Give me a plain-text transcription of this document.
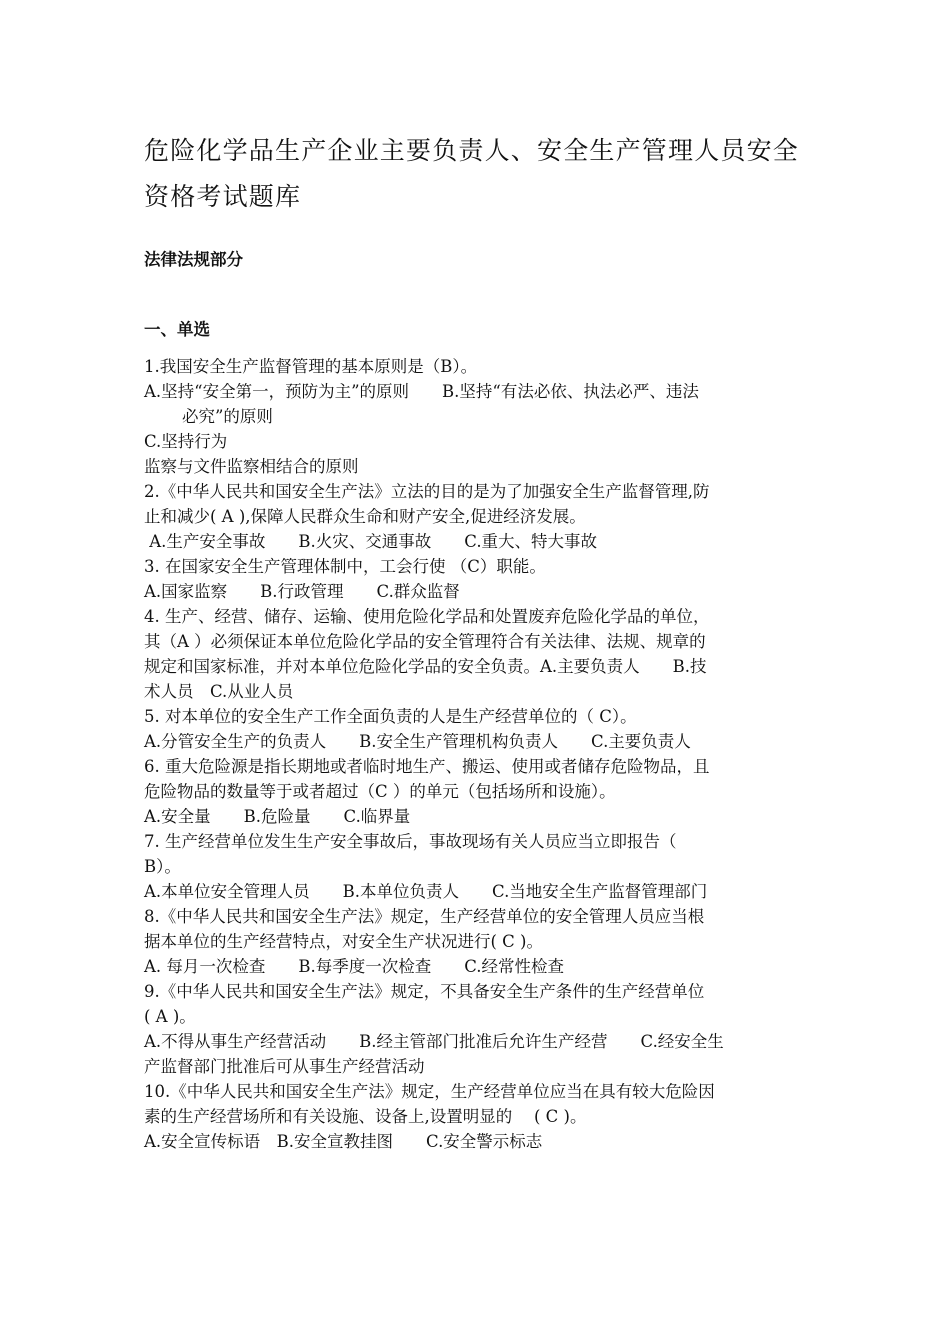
危险化学品生产企业主要负责人、安全生产管理人员安全

资格考试题库

法律法规部分

一、单选

1.我国安全生产监督管理的基本原则是（B）。

A.坚持“安全第一，预防为主”的原则　　B.坚持“有法必依、执法必严、违法

必究”的原则

C.坚持行为

监察与文件监察相结合的原则

2.《中华人民共和国安全生产法》立法的目的是为了加强安全生产监督管理,防

止和减少( A ),保障人民群众生命和财产安全,促进经济发展。

A.生产安全事故　　B.火灾、交通事故　　C.重大、特大事故

3. 在国家安全生产管理体制中，工会行使 （C）职能。

A.国家监察　　B.行政管理　　C.群众监督

4. 生产、经营、储存、运输、使用危险化学品和处置废弃危险化学品的单位，

其（A ）必须保证本单位危险化学品的安全管理符合有关法律、法规、规章的

规定和国家标准，并对本单位危险化学品的安全负责。A.主要负责人　　B.技

术人员　C.从业人员

5. 对本单位的安全生产工作全面负责的人是生产经营单位的（ C）。

A.分管安全生产的负责人　　B.安全生产管理机构负责人　　C.主要负责人

6. 重大危险源是指长期地或者临时地生产、搬运、使用或者储存危险物品，且

危险物品的数量等于或者超过（C ）的单元（包括场所和设施）。

A.安全量　　B.危险量　　C.临界量

7. 生产经营单位发生生产安全事故后，事故现场有关人员应当立即报告（

B）。

A.本单位安全管理人员　　B.本单位负责人　　C.当地安全生产监督管理部门

8.《中华人民共和国安全生产法》规定，生产经营单位的安全管理人员应当根

据本单位的生产经营特点，对安全生产状况进行( C )。

A. 每月一次检查　　B.每季度一次检查　　C.经常性检查

9.《中华人民共和国安全生产法》规定，不具备安全生产条件的生产经营单位

( A )。

A.不得从事生产经营活动　　B.经主管部门批准后允许生产经营　　C.经安全生

产监督部门批准后可从事生产经营活动

10.《中华人民共和国安全生产法》规定，生产经营单位应当在具有较大危险因

素的生产经营场所和有关设施、设备上,设置明显的　 ( C )。

A.安全宣传标语　B.安全宣教挂图　　C.安全警示标志
